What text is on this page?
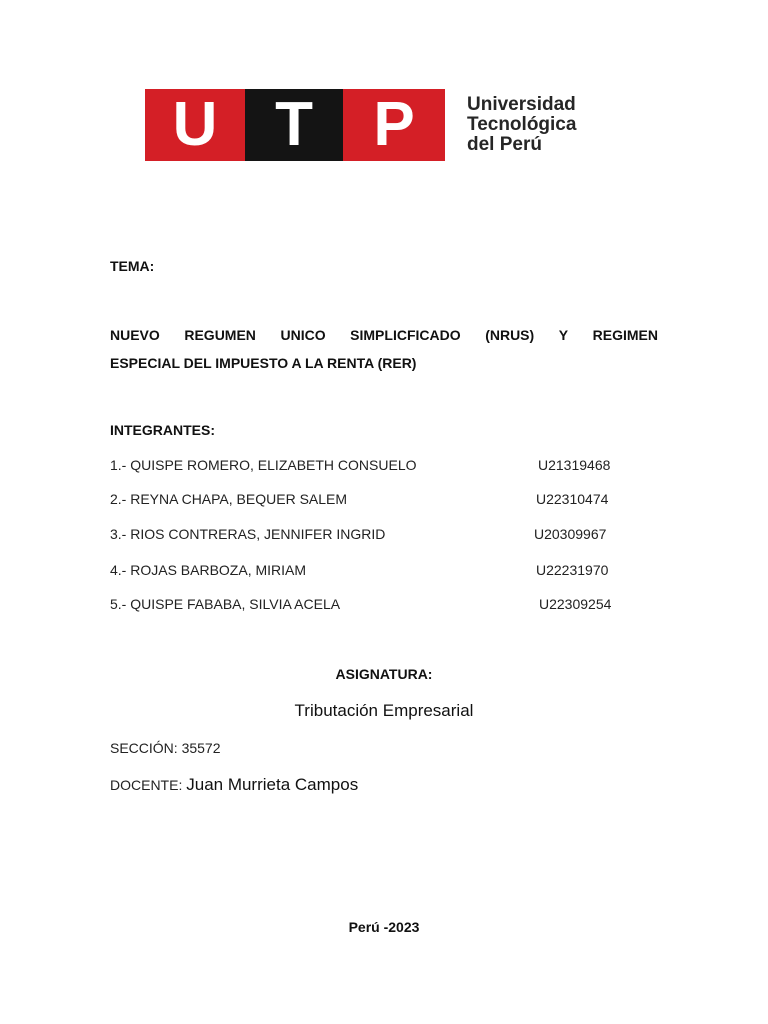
U T P	Universidad
Tecnológica
del Perú
TEMA:
NUEVO REGUMEN UNICO SIMPLICFICADO (NRUS) Y REGIMEN
ESPECIAL DEL IMPUESTO A LA RENTA (RER)
INTEGRANTES:
1.- QUISPE ROMERO, ELIZABETH CONSUELO	U21319468
2.- REYNA CHAPA, BEQUER SALEM	U22310474
3.- RIOS CONTRERAS, JENNIFER INGRID	U20309967
4.- ROJAS BARBOZA, MIRIAM	U22231970
5.- QUISPE FABABA, SILVIA ACELA	U22309254
ASIGNATURA:
Tributación Empresarial
SECCIÓN: 35572
DOCENTE: Juan Murrieta Campos
Perú -2023
